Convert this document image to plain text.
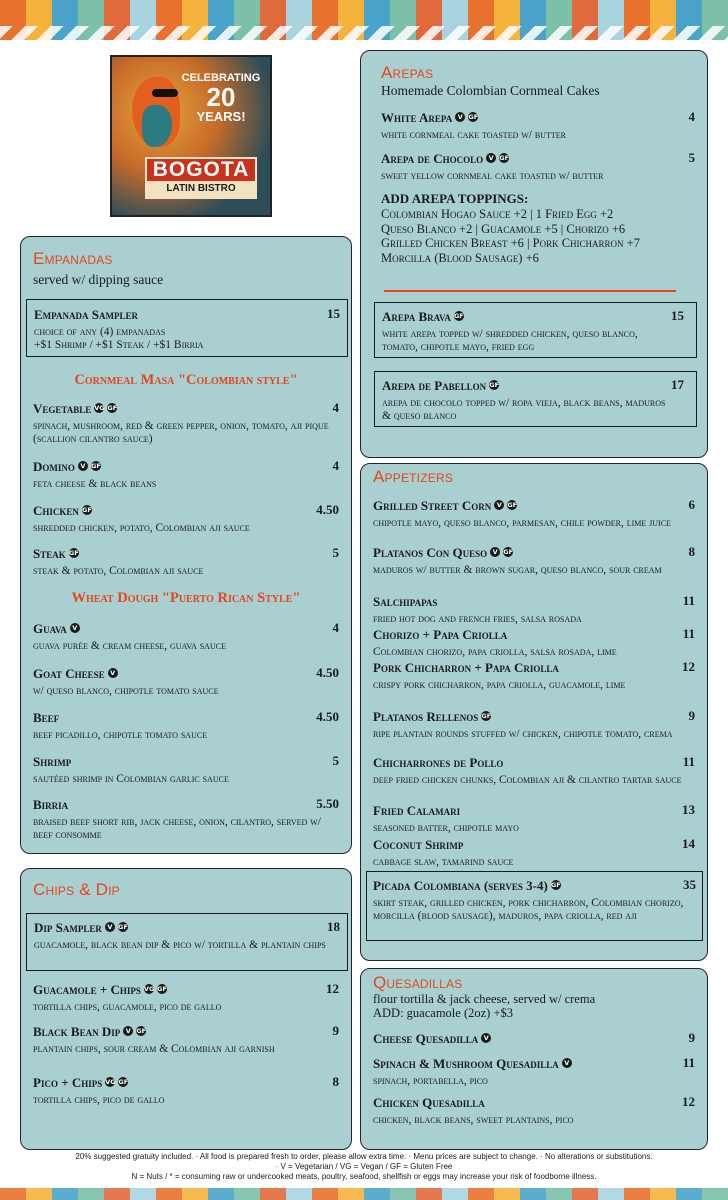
CELEBRATING
20
YEARS!
BOGOTA
LATIN BISTRO
Empanadas
served w/ dipping sauce
Empanada Sampler	15
choice of any (4) empanadas
+$1 Shrimp / +$1 Steak / +$1 Birria
Cornmeal Masa "Colombian style"
Vegetable VG GF	4
spinach, mushroom, red & green pepper, onion, tomato, aji pique (scallion cilantro sauce)
Domino V GF	4
feta cheese & black beans
Chicken GF	4.50
shredded chicken, potato, Colombian aji sauce
Steak GF	5
steak & potato, Colombian aji sauce
Wheat Dough "Puerto Rican Style"
Guava V	4
guava purée & cream cheese, guava sauce
Goat Cheese V	4.50
w/ queso blanco, chipotle tomato sauce
Beef	4.50
beef picadillo, chipotle tomato sauce
Shrimp	5
sautéed shrimp in Colombian garlic sauce
Birria	5.50
braised beef short rib, jack cheese, onion, cilantro, served w/ beef consomme
Chips & Dip
Dip Sampler V GF	18
guacamole, black bean dip & pico w/ tortilla & plantain chips
Guacamole + Chips VG GF	12
tortilla chips, guacamole, pico de gallo
Black Bean Dip V GF	9
plantain chips, sour cream & Colombian aji garnish
Pico + Chips VG GF	8
tortilla chips, pico de gallo
Arepas
Homemade Colombian Cornmeal Cakes
White Arepa V GF	4
white cornmeal cake toasted w/ butter
Arepa de Chocolo V GF	5
sweet yellow cornmeal cake toasted w/ butter
ADD AREPA TOPPINGS:
Colombian Hogao Sauce +2 | 1 Fried Egg +2
Queso Blanco +2 | Guacamole +5 | Chorizo +6
Grilled Chicken Breast +6 | Pork Chicharron +7
Morcilla (Blood Sausage) +6
Arepa Brava GF	15
white arepa topped w/ shredded chicken, queso blanco, tomato, chipotle mayo, fried egg
Arepa de Pabellon GF	17
arepa de chocolo topped w/ ropa vieja, black beans, maduros & queso blanco
Appetizers
Grilled Street Corn V GF	6
chipotle mayo, queso blanco, parmesan, chile powder, lime juice
Platanos Con Queso V GF	8
maduros w/ butter & brown sugar, queso blanco, sour cream
Salchipapas	11
fried hot dog and french fries, salsa rosada
Chorizo + Papa Criolla	11
Colombian chorizo, papa criolla, salsa rosada, lime
Pork Chicharron + Papa Criolla	12
crispy pork chicharron, papa criolla, guacamole, lime
Platanos Rellenos GF	9
ripe plantain rounds stuffed w/ chicken, chipotle tomato, crema
Chicharrones de Pollo	11
deep fried chicken chunks, Colombian aji & cilantro tartar sauce
Fried Calamari	13
seasoned batter, chipotle mayo
Coconut Shrimp	14
cabbage slaw, tamarind sauce
Picada Colombiana (serves 3-4) GF	35
skirt steak, grilled chicken, pork chicharron, Colombian chorizo, morcilla (blood sausage), maduros, papa criolla, red aji
Quesadillas
flour tortilla & jack cheese, served w/ crema
ADD: guacamole (2oz) +$3
Cheese Quesadilla V	9
Spinach & Mushroom Quesadilla V	11
spinach, portabella, pico
Chicken Quesadilla	12
chicken, black beans, sweet plantains, pico
20% suggested gratuity included. · All food is prepared fresh to order, please allow extra time. · Menu prices are subject to change. · No alterations or substitutions.
· V = Vegetarian / VG = Vegan / GF = Gluten Free
N = Nuts / * = consuming raw or undercooked meats, poultry, seafood, shellfish or eggs may increase your risk of foodborne illness.
